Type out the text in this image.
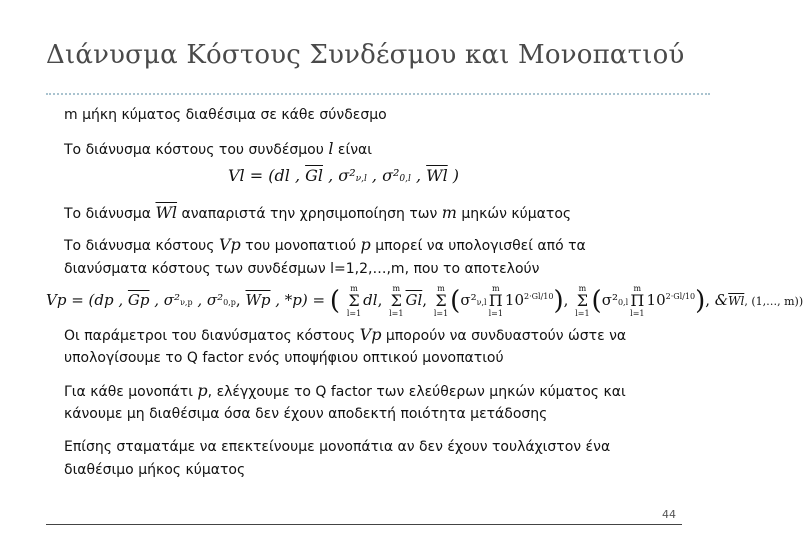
Διάνυσμα Κόστους Συνδέσμου και Μονοπατιού
m μήκη κύματος διαθέσιμα σε κάθε σύνδεσμο
Το διάνυσμα κόστους του συνδέσμου l είναι
Vl = (dl , $\overline{Gl}$ , σ²ν,l , σ²0,l , $\overline{Wl}$ )
Το διάνυσμα $\overline{Wl}$ αναπαριστά την χρησιμοποίηση των m μηκών κύματος
Το διάνυσμα κόστους Vp του μονοπατιού p μπορεί να υπολογισθεί από τα
διανύσματα κόστους των συνδέσμων l=1,2,…,m, που το αποτελούν
Vp = (dp , $\overline{Gp}$ , σ²ν,p , σ²0,p, $\overline{Wp}$ , *p) = ( m
Σ
l=1dl, m
Σ
$l=1\overline{Gl}$, m
Σ
l=1(σ²ν,lm
Π
$l=110^{2\cdot Gl/10}$), m
Σ
l=1(σ²0,lm
Π
$l=110^{2\cdot Gl/10}$), $\&\overline{Wl}$, (1,…, m))
Οι παράμετροι του διανύσματος κόστους Vp μπορούν να συνδυαστούν ώστε να
υπολογίσουμε το Q factor ενός υποψήφιου οπτικού μονοπατιού
Για κάθε μονοπάτι p, ελέγχουμε το Q factor των ελεύθερων μηκών κύματος και
κάνουμε μη διαθέσιμα όσα δεν έχουν αποδεκτή ποιότητα μετάδοσης
Επίσης σταματάμε να επεκτείνουμε μονοπάτια αν δεν έχουν τουλάχιστον ένα
διαθέσιμο μήκος κύματος
44
